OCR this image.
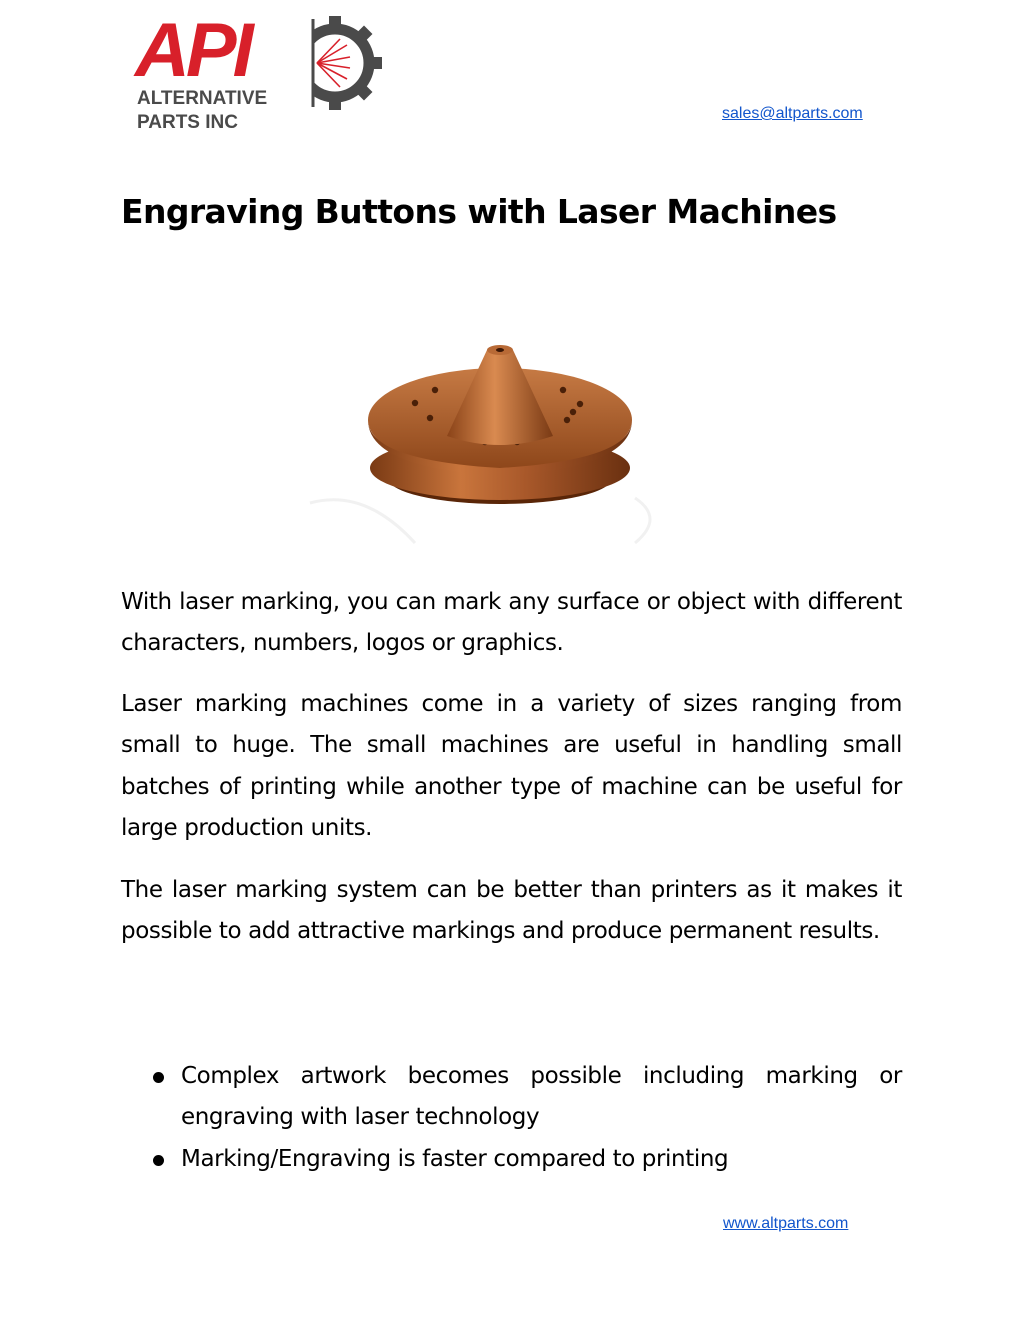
API
ALTERNATIVE
PARTS INC	sales@altparts.com
Engraving Buttons with Laser Machines

With laser marking, you can mark any surface or object with different characters, numbers, logos or graphics.

Laser marking machines come in a variety of sizes ranging from small to huge. The small machines are useful in handling small batches of printing while another type of machine can be useful for large production units.

The laser marking system can be better than printers as it makes it possible to add attractive markings and produce permanent results.

Complex artwork becomes possible including marking or engraving with laser technology
Marking/Engraving is faster compared to printing
www.altparts.com
